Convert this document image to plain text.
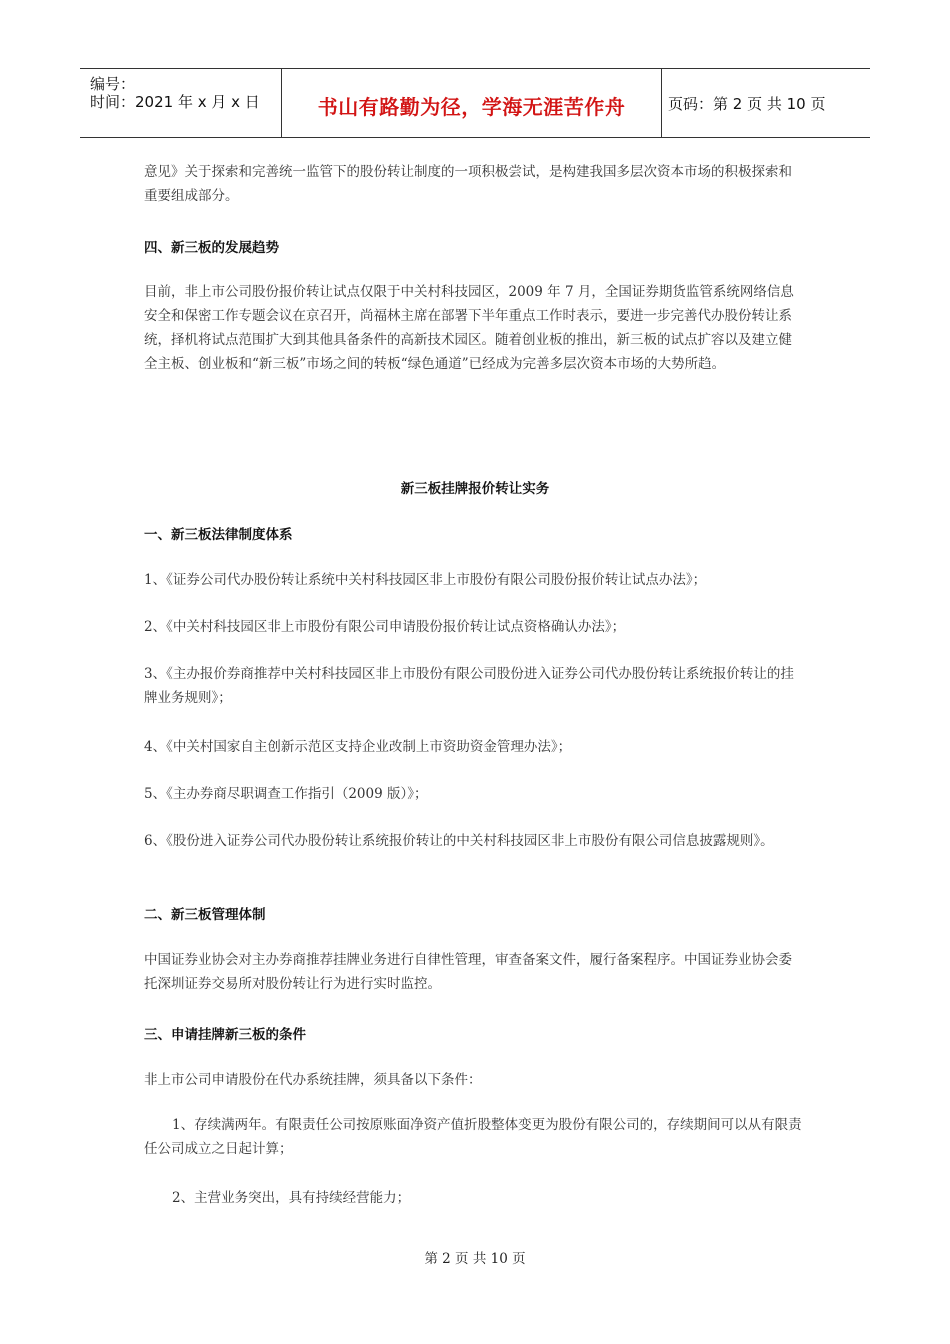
编号：
时间：2021 年 x 月 x 日	书山有路勤为径，学海无涯苦作舟	页码：第 2 页 共 10 页

意见》关于探索和完善统一监管下的股份转让制度的一项积极尝试，是构建我国多层次资本市场的积极探索和重要组成部分。

四、新三板的发展趋势

目前，非上市公司股份报价转让试点仅限于中关村科技园区，2009 年 7 月，全国证券期货监管系统网络信息安全和保密工作专题会议在京召开，尚福林主席在部署下半年重点工作时表示，要进一步完善代办股份转让系统，择机将试点范围扩大到其他具备条件的高新技术园区。随着创业板的推出，新三板的试点扩容以及建立健全主板、创业板和“新三板”市场之间的转板“绿色通道”已经成为完善多层次资本市场的大势所趋。

新三板挂牌报价转让实务
一、新三板法律制度体系

1、《证券公司代办股份转让系统中关村科技园区非上市股份有限公司股份报价转让试点办法》；

2、《中关村科技园区非上市股份有限公司申请股份报价转让试点资格确认办法》；

3、《主办报价券商推荐中关村科技园区非上市股份有限公司股份进入证券公司代办股份转让系统报价转让的挂牌业务规则》；

4、《中关村国家自主创新示范区支持企业改制上市资助资金管理办法》；

5、《主办券商尽职调查工作指引（2009 版）》；

6、《股份进入证券公司代办股份转让系统报价转让的中关村科技园区非上市股份有限公司信息披露规则》。

二、新三板管理体制

中国证券业协会对主办券商推荐挂牌业务进行自律性管理，审查备案文件，履行备案程序。中国证券业协会委托深圳证券交易所对股份转让行为进行实时监控。

三、申请挂牌新三板的条件

非上市公司申请股份在代办系统挂牌，须具备以下条件：

1、存续满两年。有限责任公司按原账面净资产值折股整体变更为股份有限公司的，存续期间可以从有限责任公司成立之日起计算；

2、主营业务突出，具有持续经营能力；

第 2 页 共 10 页
